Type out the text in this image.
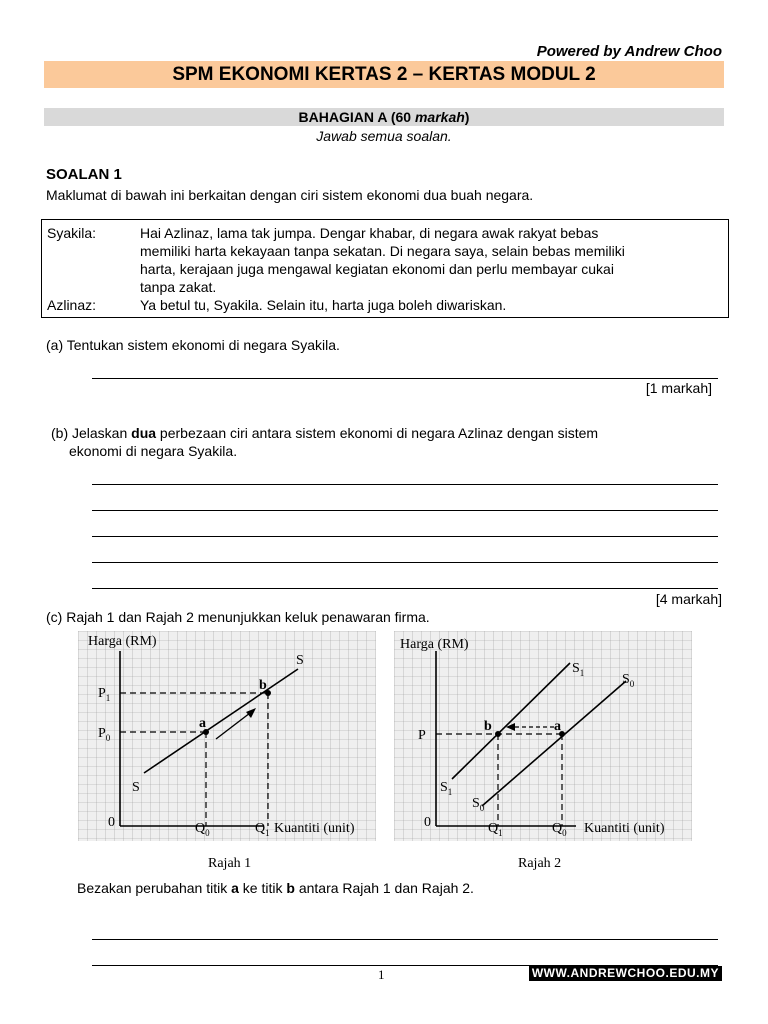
Powered by Andrew Choo
SPM EKONOMI KERTAS 2 – KERTAS MODUL 2
BAHAGIAN A (60 markah)
Jawab semua soalan.
SOALAN 1
Maklumat di bawah ini berkaitan dengan ciri sistem ekonomi dua buah negara.
Syakila:	Hai Azlinaz, lama tak jumpa. Dengar khabar, di negara awak rakyat bebas
memiliki harta kekayaan tanpa sekatan. Di negara saya, selain bebas memiliki
harta, kerajaan juga mengawal kegiatan ekonomi dan perlu membayar cukai
tanpa zakat.
Azlinaz:	Ya betul tu, Syakila. Selain itu, harta juga boleh diwariskan.
(a) Tentukan sistem ekonomi di negara Syakila.
[1 markah]
(b) Jelaskan dua perbezaan ciri antara sistem ekonomi di negara Azlinaz dengan sistem
ekonomi di negara Syakila.
[4 markah]
(c) Rajah 1 dan Rajah 2 menunjukkan keluk penawaran firma.
Harga (RM)
Kuantiti (unit)
0
$P_1$
$P_0$
$Q_0$	$Q_1$
a
b
S
S
Rajah 1
Harga (RM)
Kuantiti (unit)
0
P
$Q_1$	$Q_0$
a
b
$S_1$
$S_1$
$S_0$
$S_0$
Rajah 2
Bezakan perubahan titik a ke titik b antara Rajah 1 dan Rajah 2.
1	WWW.ANDREWCHOO.EDU.MY
